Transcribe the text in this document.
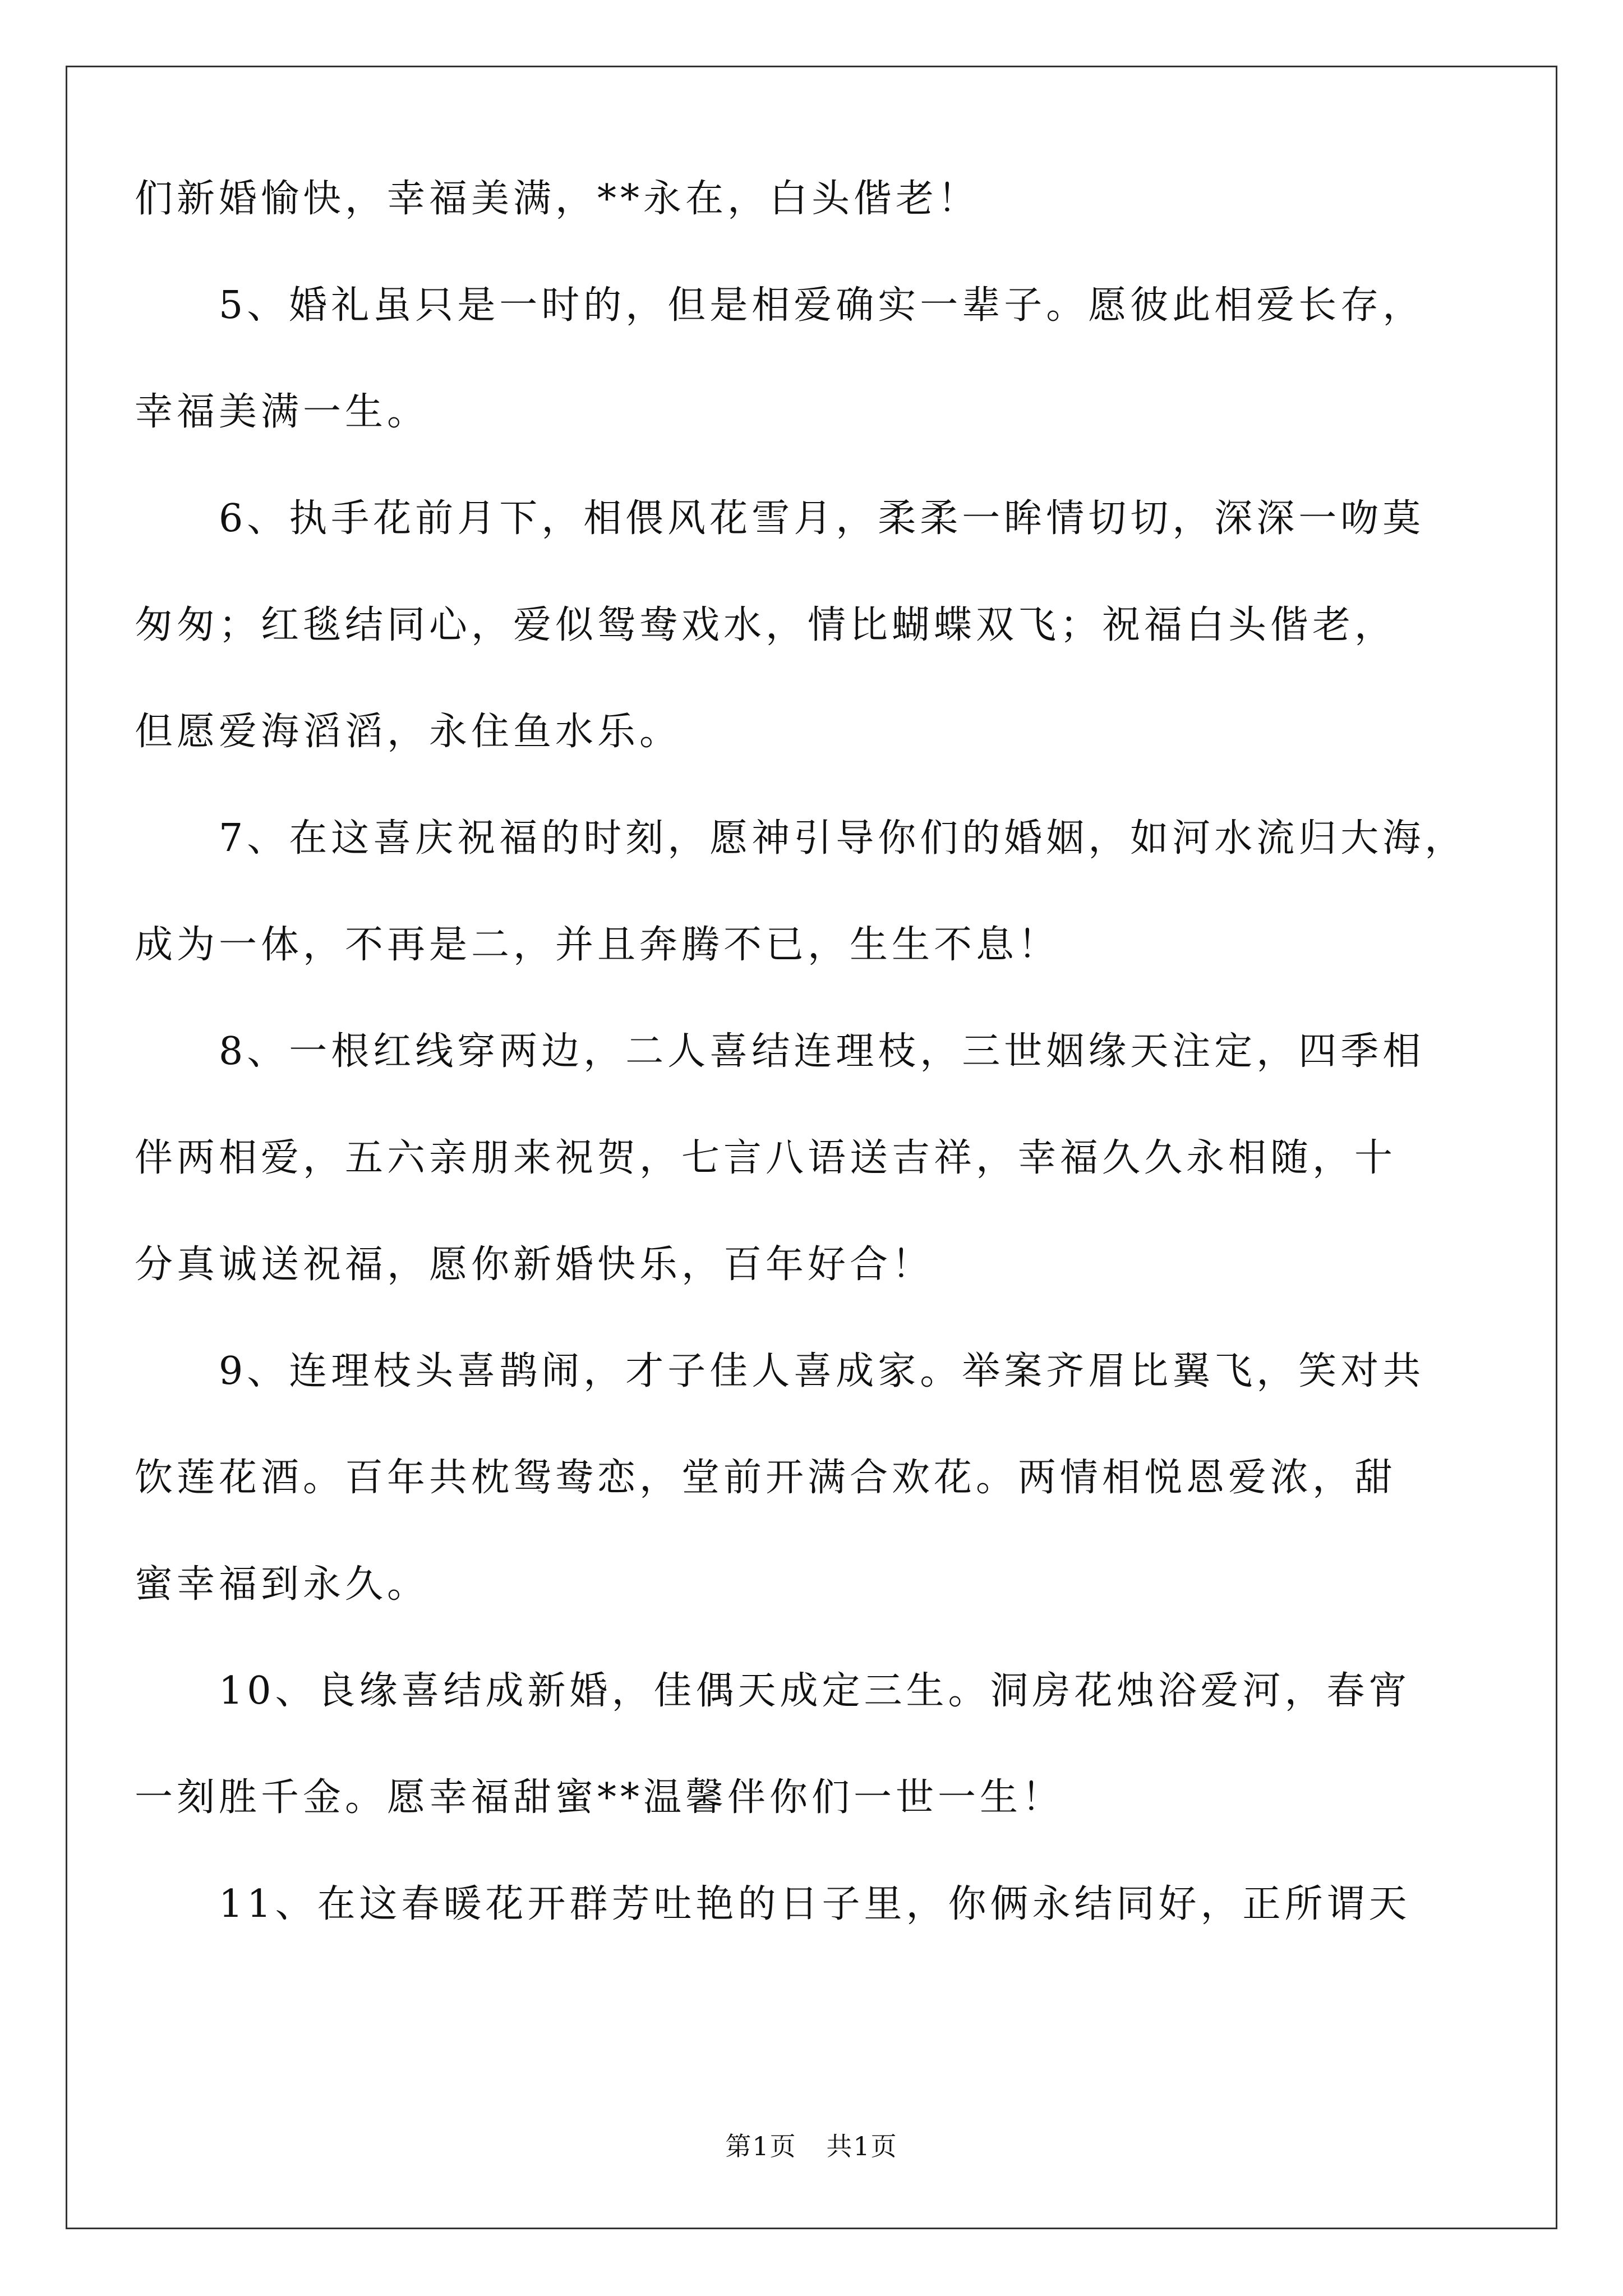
们新婚愉快，幸福美满，**永在，白头偕老！
　　5、婚礼虽只是一时的，但是相爱确实一辈子。愿彼此相爱长存，
幸福美满一生。
　　6、执手花前月下，相偎风花雪月，柔柔一眸情切切，深深一吻莫
匆匆；红毯结同心，爱似鸳鸯戏水，情比蝴蝶双飞；祝福白头偕老，
但愿爱海滔滔，永住鱼水乐。
　　7、在这喜庆祝福的时刻，愿神引导你们的婚姻，如河水流归大海，
成为一体，不再是二，并且奔腾不已，生生不息！
　　8、一根红线穿两边，二人喜结连理枝，三世姻缘天注定，四季相
伴两相爱，五六亲朋来祝贺，七言八语送吉祥，幸福久久永相随，十
分真诚送祝福，愿你新婚快乐，百年好合！
　　9、连理枝头喜鹊闹，才子佳人喜成家。举案齐眉比翼飞，笑对共
饮莲花酒。百年共枕鸳鸯恋，堂前开满合欢花。两情相悦恩爱浓，甜
蜜幸福到永久。
　　10、良缘喜结成新婚，佳偶天成定三生。洞房花烛浴爱河，春宵
一刻胜千金。愿幸福甜蜜**温馨伴你们一世一生！
　　11、在这春暖花开群芳吐艳的日子里，你俩永结同好，正所谓天
第1页 共1页
